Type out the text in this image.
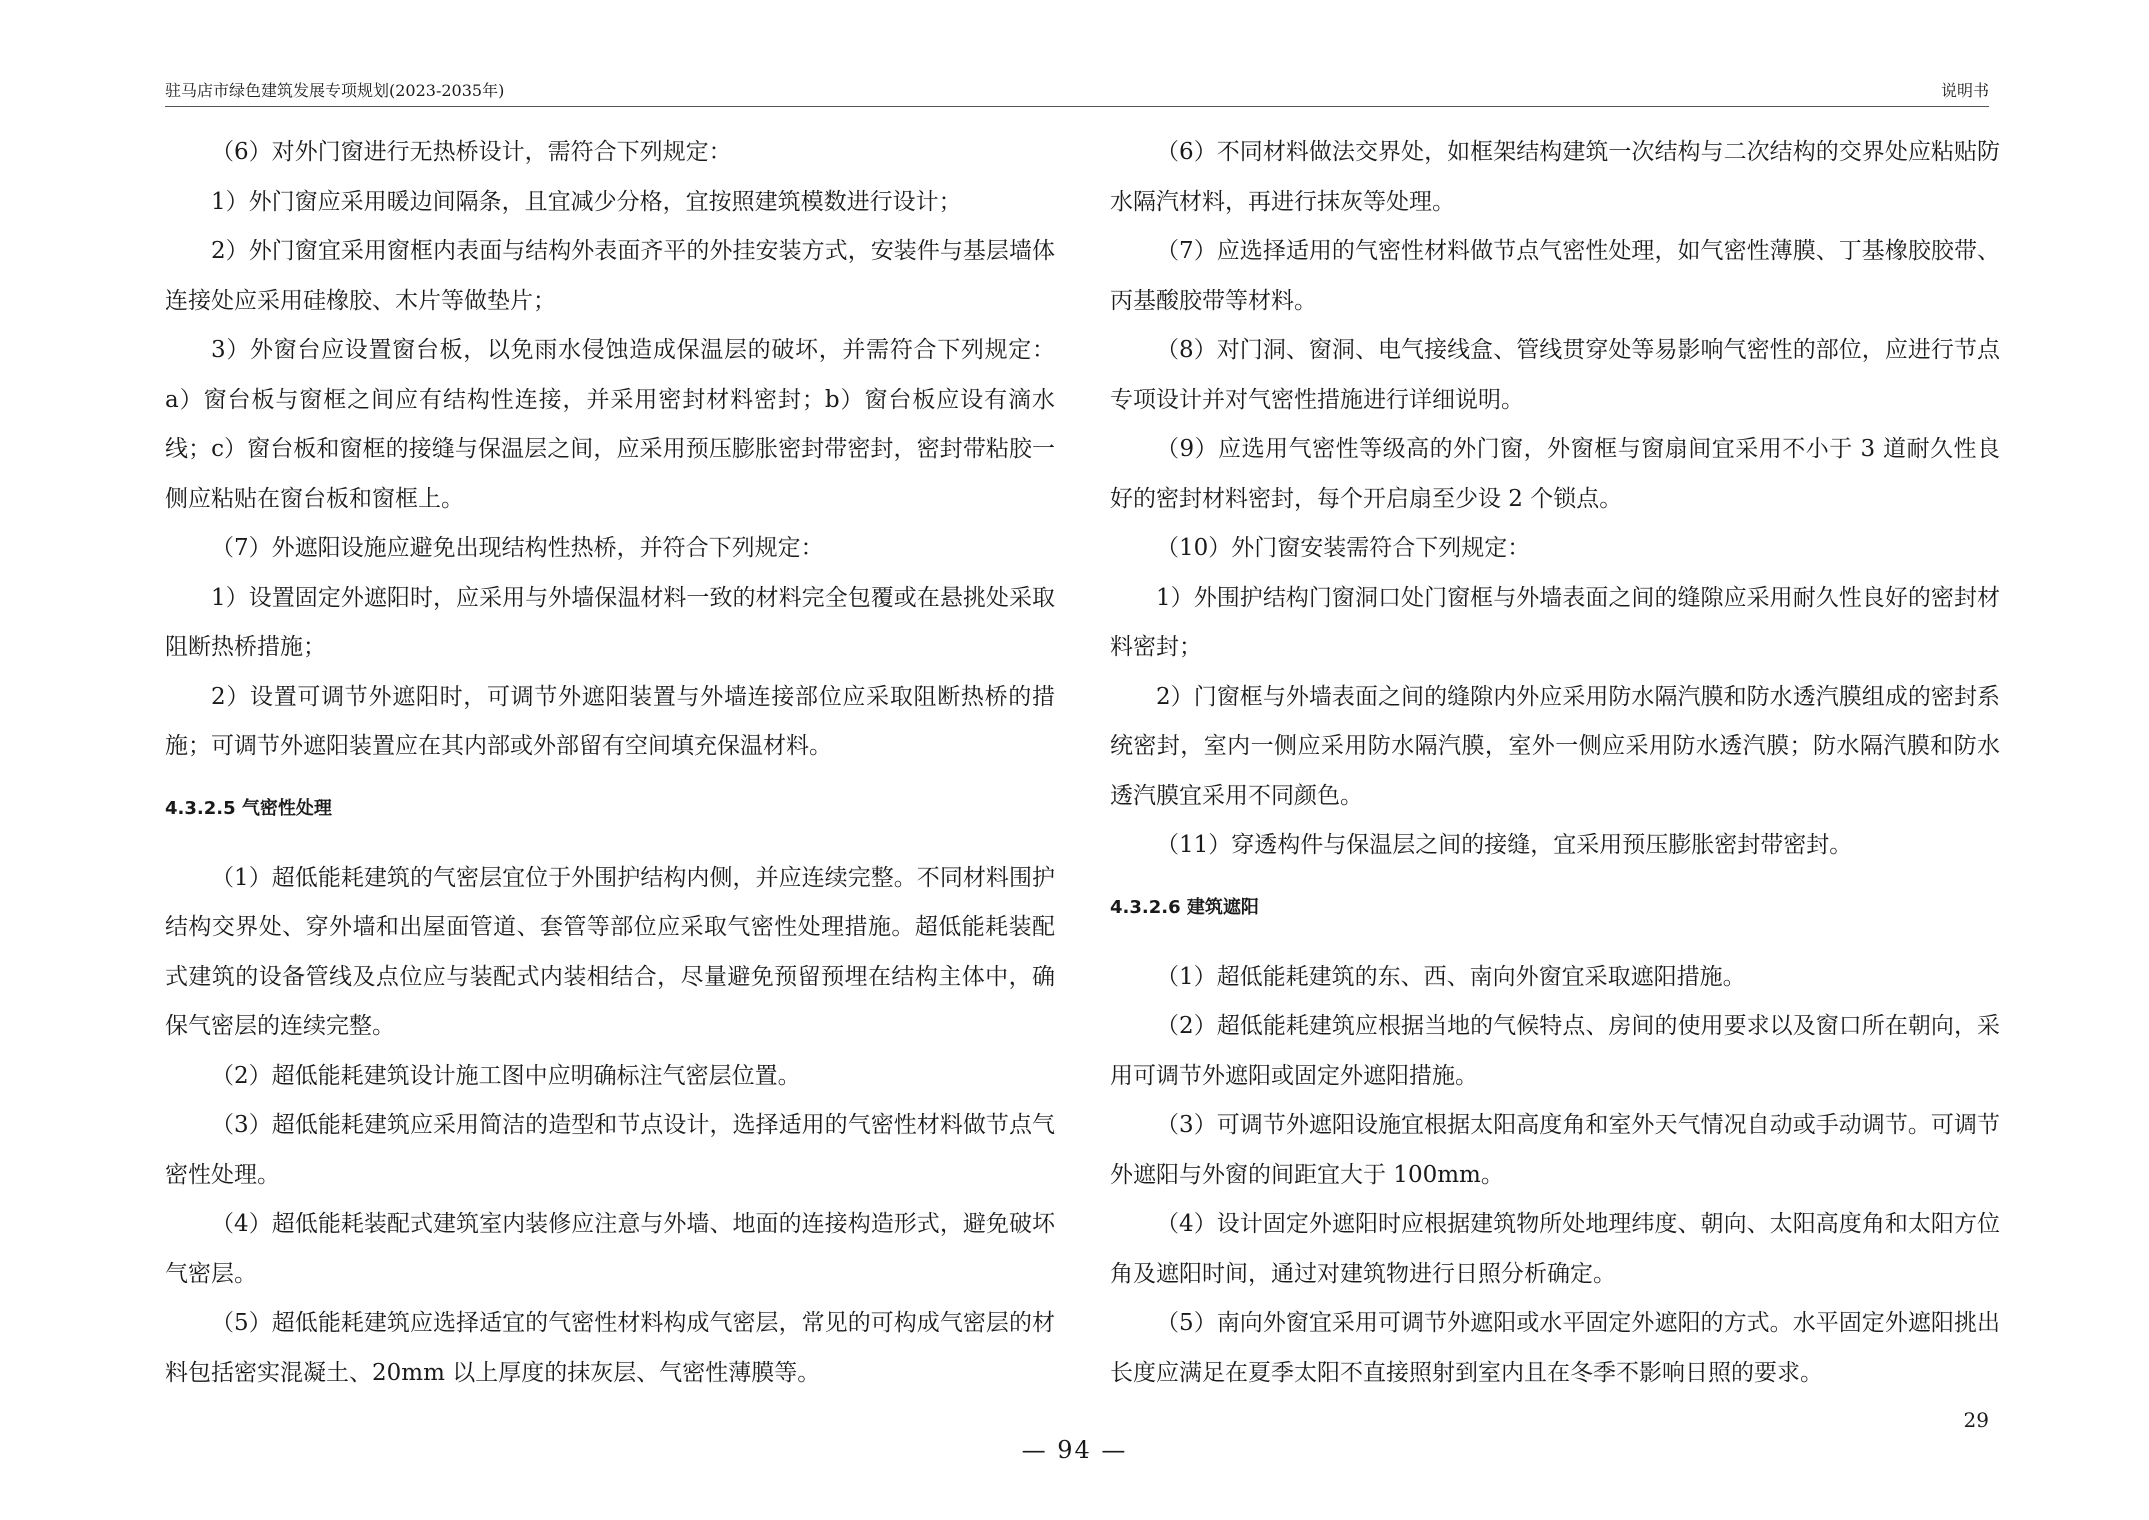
驻马店市绿色建筑发展专项规划(2023-2035年)	说明书

（6）对外门窗进行无热桥设计，需符合下列规定：

1）外门窗应采用暖边间隔条，且宜减少分格，宜按照建筑模数进行设计；

2）外门窗宜采用窗框内表面与结构外表面齐平的外挂安装方式，安装件与基层墙体连接处应采用硅橡胶、木片等做垫片；

3）外窗台应设置窗台板，以免雨水侵蚀造成保温层的破坏，并需符合下列规定：a）窗台板与窗框之间应有结构性连接，并采用密封材料密封；b）窗台板应设有滴水线；c）窗台板和窗框的接缝与保温层之间，应采用预压膨胀密封带密封，密封带粘胶一侧应粘贴在窗台板和窗框上。

（7）外遮阳设施应避免出现结构性热桥，并符合下列规定：

1）设置固定外遮阳时，应采用与外墙保温材料一致的材料完全包覆或在悬挑处采取阻断热桥措施；

2）设置可调节外遮阳时，可调节外遮阳装置与外墙连接部位应采取阻断热桥的措施；可调节外遮阳装置应在其内部或外部留有空间填充保温材料。

4.3.2.5 气密性处理

（1）超低能耗建筑的气密层宜位于外围护结构内侧，并应连续完整。不同材料围护结构交界处、穿外墙和出屋面管道、套管等部位应采取气密性处理措施。超低能耗装配式建筑的设备管线及点位应与装配式内装相结合，尽量避免预留预埋在结构主体中，确保气密层的连续完整。

（2）超低能耗建筑设计施工图中应明确标注气密层位置。

（3）超低能耗建筑应采用简洁的造型和节点设计，选择适用的气密性材料做节点气密性处理。

（4）超低能耗装配式建筑室内装修应注意与外墙、地面的连接构造形式，避免破坏气密层。

（5）超低能耗建筑应选择适宜的气密性材料构成气密层，常见的可构成气密层的材料包括密实混凝土、20mm 以上厚度的抹灰层、气密性薄膜等。

（6）不同材料做法交界处，如框架结构建筑一次结构与二次结构的交界处应粘贴防水隔汽材料，再进行抹灰等处理。

（7）应选择适用的气密性材料做节点气密性处理，如气密性薄膜、丁基橡胶胶带、丙基酸胶带等材料。

（8）对门洞、窗洞、电气接线盒、管线贯穿处等易影响气密性的部位，应进行节点专项设计并对气密性措施进行详细说明。

（9）应选用气密性等级高的外门窗，外窗框与窗扇间宜采用不小于 3 道耐久性良好的密封材料密封，每个开启扇至少设 2 个锁点。

（10）外门窗安装需符合下列规定：

1）外围护结构门窗洞口处门窗框与外墙表面之间的缝隙应采用耐久性良好的密封材料密封；

2）门窗框与外墙表面之间的缝隙内外应采用防水隔汽膜和防水透汽膜组成的密封系统密封，室内一侧应采用防水隔汽膜，室外一侧应采用防水透汽膜；防水隔汽膜和防水透汽膜宜采用不同颜色。

（11）穿透构件与保温层之间的接缝，宜采用预压膨胀密封带密封。

4.3.2.6 建筑遮阳

（1）超低能耗建筑的东、西、南向外窗宜采取遮阳措施。

（2）超低能耗建筑应根据当地的气候特点、房间的使用要求以及窗口所在朝向，采用可调节外遮阳或固定外遮阳措施。

（3）可调节外遮阳设施宜根据太阳高度角和室外天气情况自动或手动调节。可调节外遮阳与外窗的间距宜大于 100mm。

（4）设计固定外遮阳时应根据建筑物所处地理纬度、朝向、太阳高度角和太阳方位角及遮阳时间，通过对建筑物进行日照分析确定。

（5）南向外窗宜采用可调节外遮阳或水平固定外遮阳的方式。水平固定外遮阳挑出长度应满足在夏季太阳不直接照射到室内且在冬季不影响日照的要求。

29
— 94 —
